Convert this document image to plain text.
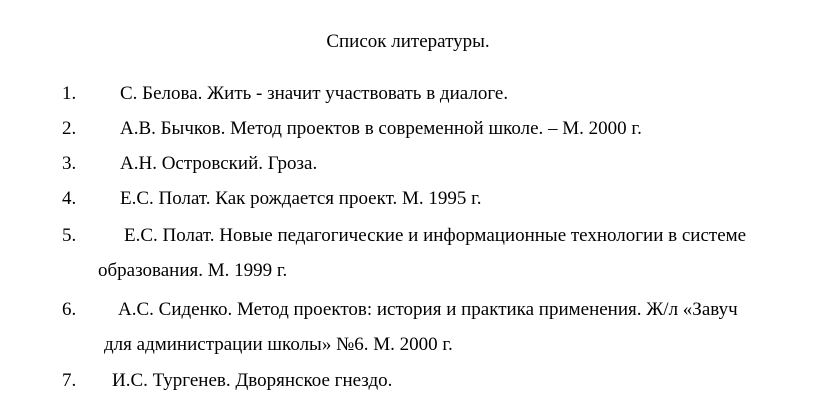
Список литературы.
1. С. Белова. Жить - значит участвовать в диалоге.
2. А.В. Бычков. Метод проектов в современной школе. – М. 2000 г.
3. А.Н. Островский. Гроза.
4. Е.С. Полат. Как рождается проект. М. 1995 г.
5.	Е.С. Полат. Новые педагогические и информационные технологии в системе
образования. М. 1999 г.
6. А.С. Сиденко. Метод проектов: история и практика применения. Ж/л «Завуч
для администрации школы» №6. М. 2000 г.
7. И.С. Тургенев. Дворянское гнездо.
